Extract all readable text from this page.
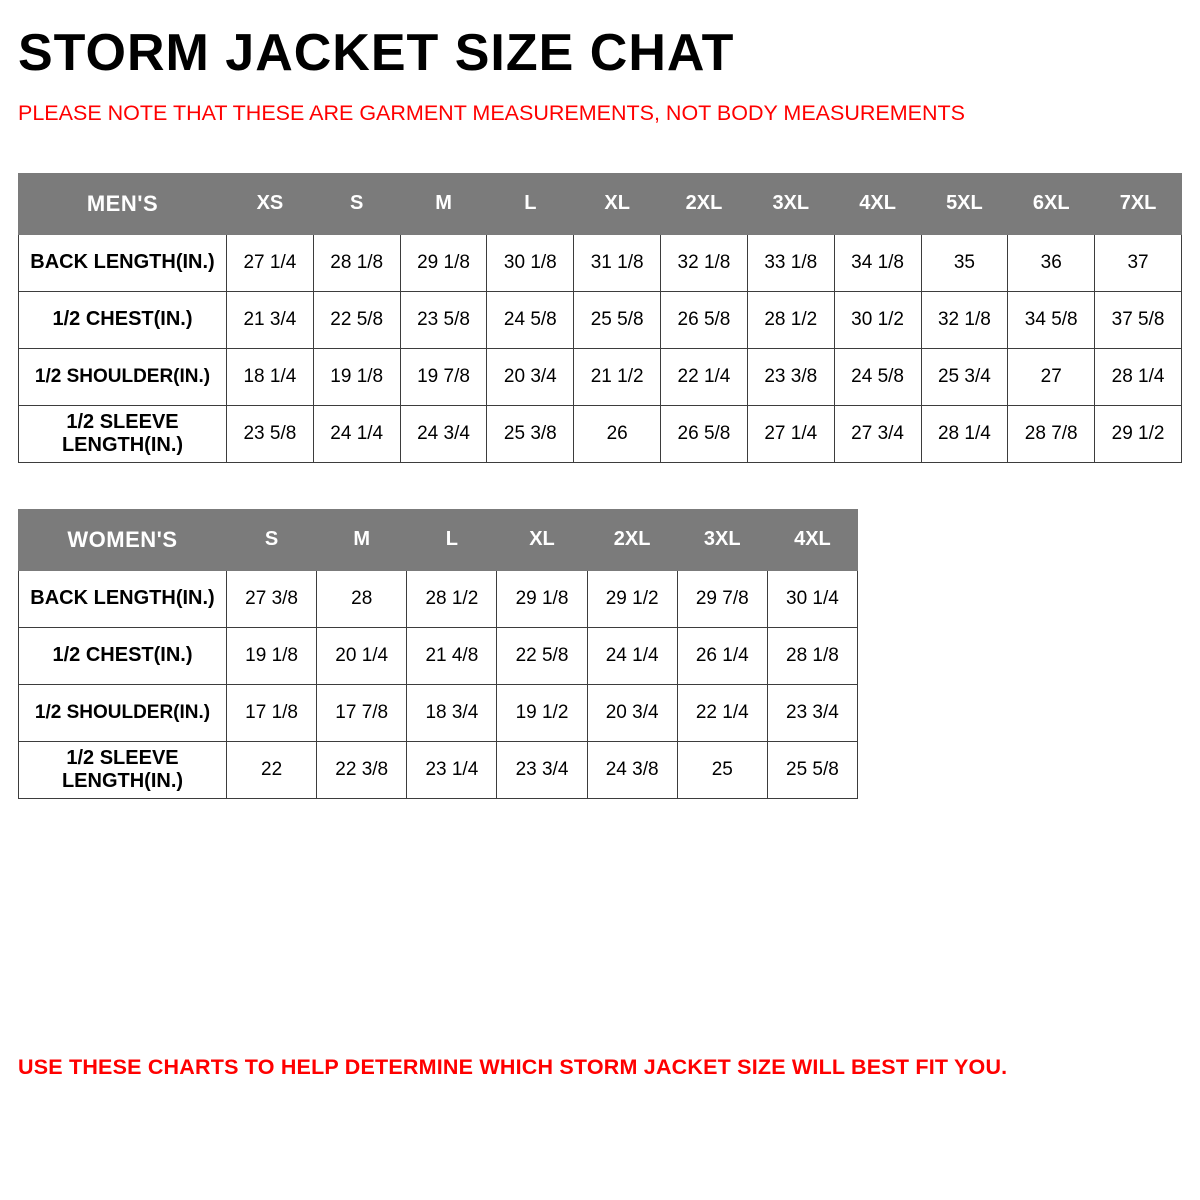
STORM JACKET SIZE CHAT

PLEASE NOTE THAT THESE ARE GARMENT MEASUREMENTS, NOT BODY MEASUREMENTS

MEN'S	XS	S	M	L	XL	2XL	3XL	4XL	5XL	6XL	7XL
BACK LENGTH(IN.)	27 1/4	28 1/8	29 1/8	30 1/8	31 1/8	32 1/8	33 1/8	34 1/8	35	36	37
1/2 CHEST(IN.)	21 3/4	22 5/8	23 5/8	24 5/8	25 5/8	26 5/8	28 1/2	30 1/2	32 1/8	34 5/8	37 5/8
1/2 SHOULDER(IN.)	18 1/4	19 1/8	19 7/8	20 3/4	21 1/2	22 1/4	23 3/8	24 5/8	25 3/4	27	28 1/4
1/2 SLEEVE LENGTH(IN.)	23 5/8	24 1/4	24 3/4	25 3/8	26	26 5/8	27 1/4	27 3/4	28 1/4	28 7/8	29 1/2
WOMEN'S	S	M	L	XL	2XL	3XL	4XL
BACK LENGTH(IN.)	27 3/8	28	28 1/2	29 1/8	29 1/2	29 7/8	30 1/4
1/2 CHEST(IN.)	19 1/8	20 1/4	21 4/8	22 5/8	24 1/4	26 1/4	28 1/8
1/2 SHOULDER(IN.)	17 1/8	17 7/8	18 3/4	19 1/2	20 3/4	22 1/4	23 3/4
1/2 SLEEVE LENGTH(IN.)	22	22 3/8	23 1/4	23 3/4	24 3/8	25	25 5/8
USE THESE CHARTS TO HELP DETERMINE WHICH STORM JACKET SIZE WILL BEST FIT YOU.
